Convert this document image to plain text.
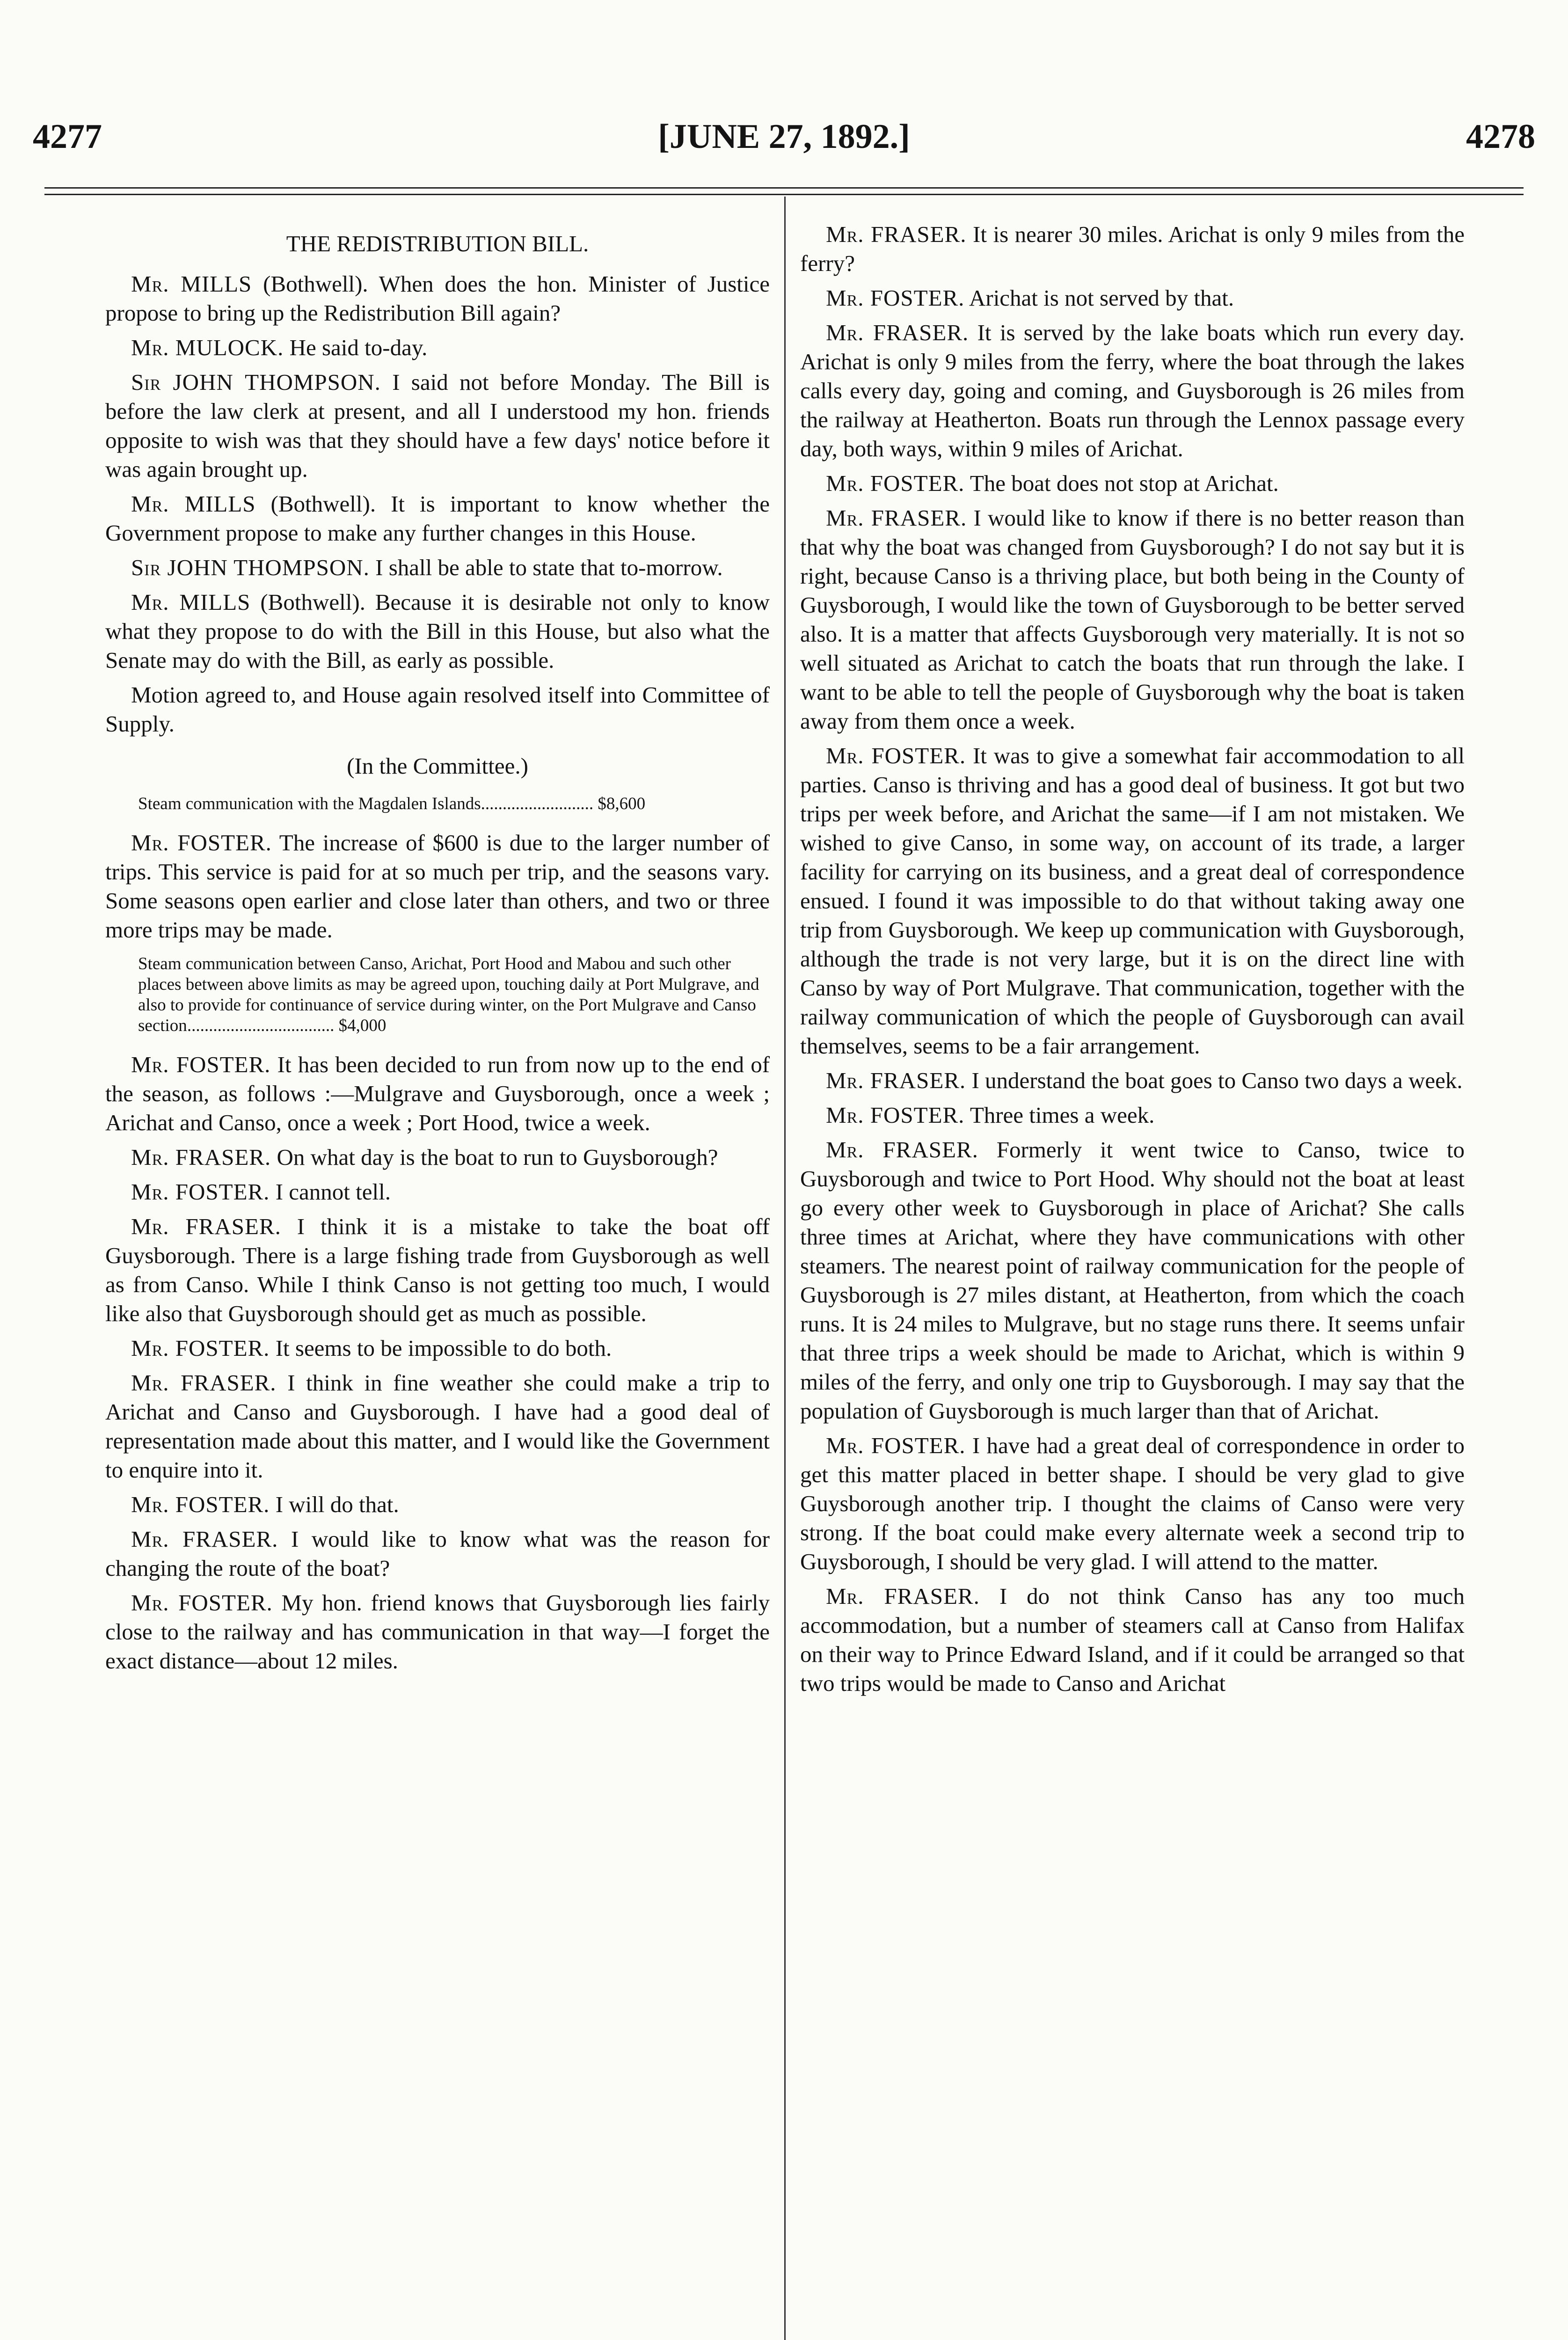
4277	[JUNE 27, 1892.]	4278

THE REDISTRIBUTION BILL.

Mr. MILLS (Bothwell). When does the hon. Minister of Justice propose to bring up the Redistribution Bill again?

Mr. MULOCK. He said to-day.

Sir JOHN THOMPSON. I said not before Monday. The Bill is before the law clerk at present, and all I understood my hon. friends opposite to wish was that they should have a few days' notice before it was again brought up.

Mr. MILLS (Bothwell). It is important to know whether the Government propose to make any further changes in this House.

Sir JOHN THOMPSON. I shall be able to state that to-morrow.

Mr. MILLS (Bothwell). Because it is desirable not only to know what they propose to do with the Bill in this House, but also what the Senate may do with the Bill, as early as possible.

Motion agreed to, and House again resolved itself into Committee of Supply.

(In the Committee.)

Steam communication with the Magdalen Islands.......................... $8,600

Mr. FOSTER. The increase of $600 is due to the larger number of trips. This service is paid for at so much per trip, and the seasons vary. Some seasons open earlier and close later than others, and two or three more trips may be made.

Steam communication between Canso, Arichat, Port Hood and Mabou and such other places between above limits as may be agreed upon, touching daily at Port Mulgrave, and also to provide for continuance of service during winter, on the Port Mulgrave and Canso section.................................. $4,000

Mr. FOSTER. It has been decided to run from now up to the end of the season, as follows :—Mulgrave and Guysborough, once a week ; Arichat and Canso, once a week ; Port Hood, twice a week.

Mr. FRASER. On what day is the boat to run to Guysborough?

Mr. FOSTER. I cannot tell.

Mr. FRASER. I think it is a mistake to take the boat off Guysborough. There is a large fishing trade from Guysborough as well as from Canso. While I think Canso is not getting too much, I would like also that Guysborough should get as much as possible.

Mr. FOSTER. It seems to be impossible to do both.

Mr. FRASER. I think in fine weather she could make a trip to Arichat and Canso and Guysborough. I have had a good deal of representation made about this matter, and I would like the Government to enquire into it.

Mr. FOSTER. I will do that.

Mr. FRASER. I would like to know what was the reason for changing the route of the boat?

Mr. FOSTER. My hon. friend knows that Guysborough lies fairly close to the railway and has communication in that way—I forget the exact distance—about 12 miles.

Mr. FRASER. It is nearer 30 miles. Arichat is only 9 miles from the ferry?

Mr. FOSTER. Arichat is not served by that.

Mr. FRASER. It is served by the lake boats which run every day. Arichat is only 9 miles from the ferry, where the boat through the lakes calls every day, going and coming, and Guysborough is 26 miles from the railway at Heatherton. Boats run through the Lennox passage every day, both ways, within 9 miles of Arichat.

Mr. FOSTER. The boat does not stop at Arichat.

Mr. FRASER. I would like to know if there is no better reason than that why the boat was changed from Guysborough? I do not say but it is right, because Canso is a thriving place, but both being in the County of Guysborough, I would like the town of Guysborough to be better served also. It is a matter that affects Guysborough very materially. It is not so well situated as Arichat to catch the boats that run through the lake. I want to be able to tell the people of Guysborough why the boat is taken away from them once a week.

Mr. FOSTER. It was to give a somewhat fair accommodation to all parties. Canso is thriving and has a good deal of business. It got but two trips per week before, and Arichat the same—if I am not mistaken. We wished to give Canso, in some way, on account of its trade, a larger facility for carrying on its business, and a great deal of correspondence ensued. I found it was impossible to do that without taking away one trip from Guysborough. We keep up communication with Guysborough, although the trade is not very large, but it is on the direct line with Canso by way of Port Mulgrave. That communication, together with the railway communication of which the people of Guysborough can avail themselves, seems to be a fair arrangement.

Mr. FRASER. I understand the boat goes to Canso two days a week.

Mr. FOSTER. Three times a week.

Mr. FRASER. Formerly it went twice to Canso, twice to Guysborough and twice to Port Hood. Why should not the boat at least go every other week to Guysborough in place of Arichat? She calls three times at Arichat, where they have communications with other steamers. The nearest point of railway communication for the people of Guysborough is 27 miles distant, at Heatherton, from which the coach runs. It is 24 miles to Mulgrave, but no stage runs there. It seems unfair that three trips a week should be made to Arichat, which is within 9 miles of the ferry, and only one trip to Guysborough. I may say that the population of Guysborough is much larger than that of Arichat.

Mr. FOSTER. I have had a great deal of correspondence in order to get this matter placed in better shape. I should be very glad to give Guysborough another trip. I thought the claims of Canso were very strong. If the boat could make every alternate week a second trip to Guysborough, I should be very glad. I will attend to the matter.

Mr. FRASER. I do not think Canso has any too much accommodation, but a number of steamers call at Canso from Halifax on their way to Prince Edward Island, and if it could be arranged so that two trips would be made to Canso and Arichat
